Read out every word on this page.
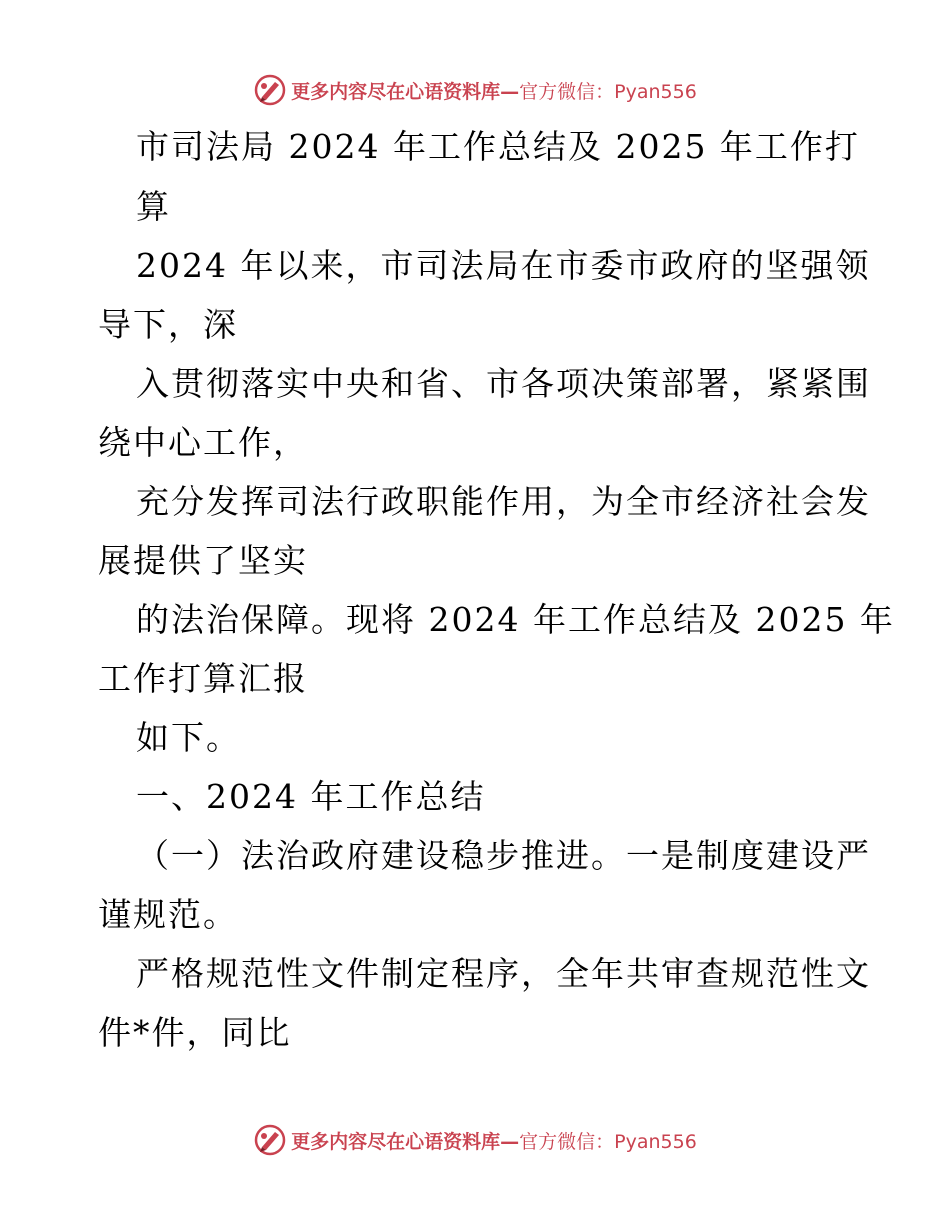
更多内容尽在心语资料库— 官方微信：Pyan556
市司法局 2024 年工作总结及 2025 年工作打
算
2024 年以来，市司法局在市委市政府的坚强领
导下，深
入贯彻落实中央和省、市各项决策部署，紧紧围
绕中心工作，
充分发挥司法行政职能作用，为全市经济社会发
展提供了坚实
的法治保障。现将 2024 年工作总结及 2025 年
工作打算汇报
如下。
一、2024 年工作总结
（一）法治政府建设稳步推进。一是制度建设严
谨规范。
严格规范性文件制定程序，全年共审查规范性文
件*件，同比
更多内容尽在心语资料库— 官方微信：Pyan556
